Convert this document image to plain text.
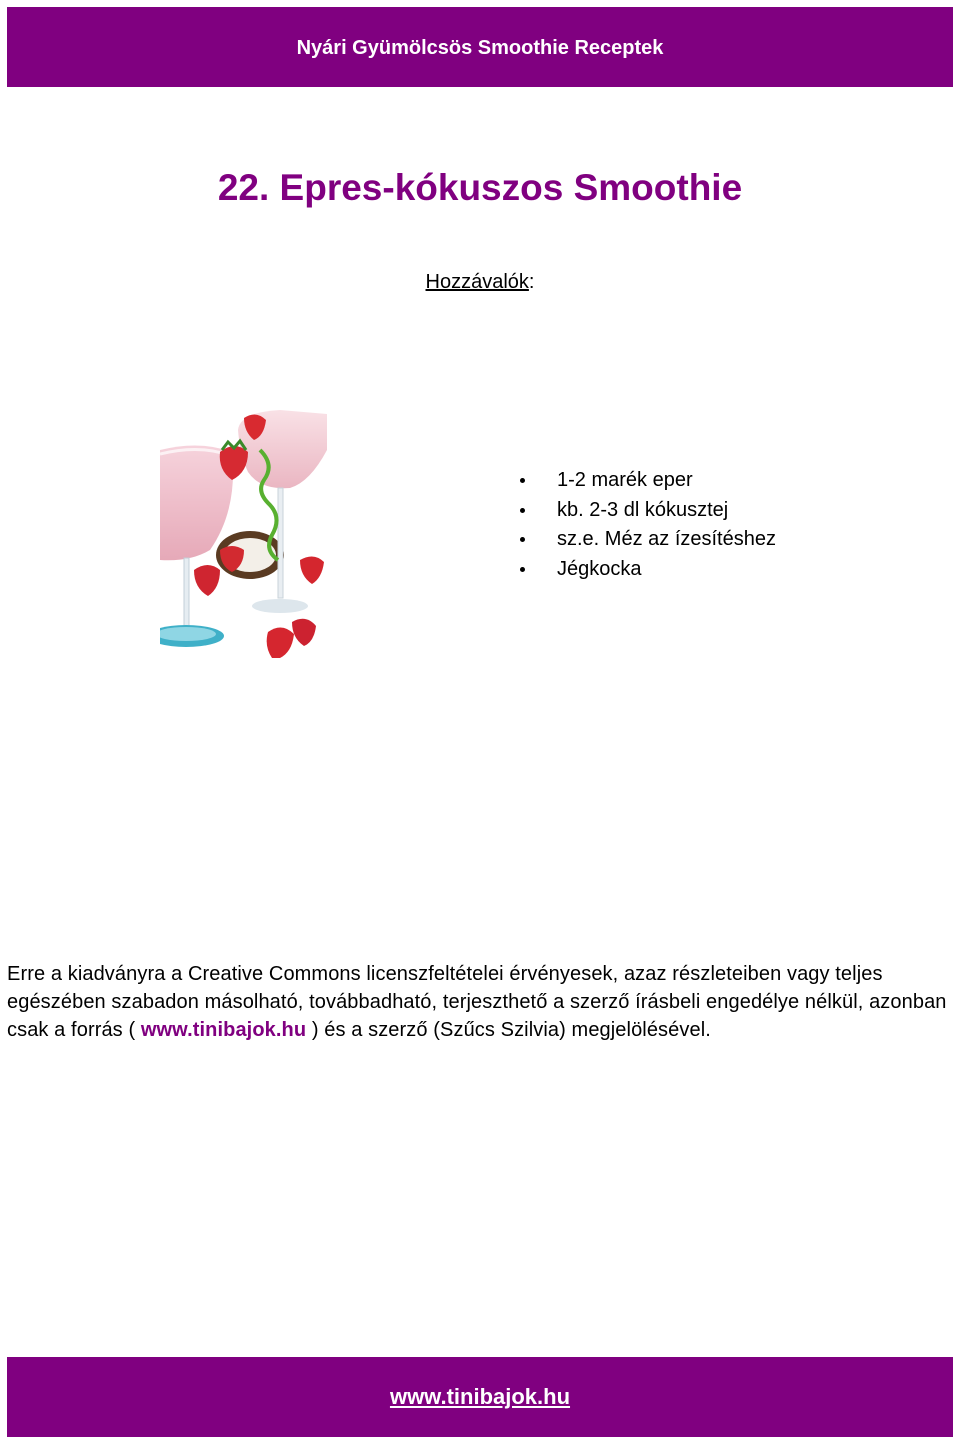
Nyári Gyümölcsös Smoothie Receptek
22. Epres-kókuszos Smoothie
Hozzávalók:
1-2 marék eper
kb. 2-3 dl kókusztej
sz.e. Méz az ízesítéshez
Jégkocka

Erre a kiadványra a Creative Commons licenszfeltételei érvényesek, azaz részleteiben vagy teljes egészében szabadon másolható, továbbadható, terjeszthető a szerző írásbeli engedélye nélkül, azonban csak a forrás ( www.tinibajok.hu ) és a szerző (Szűcs Szilvia) megjelölésével.

www.tinibajok.hu
